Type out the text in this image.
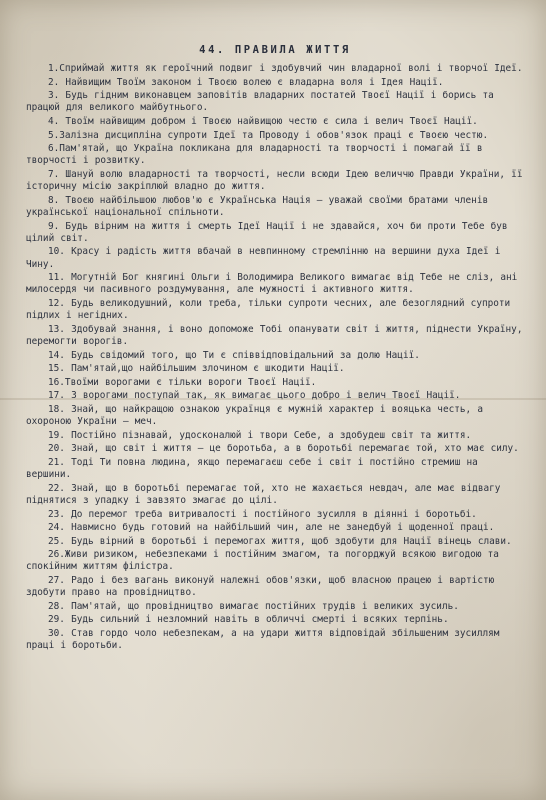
44. ПРАВИЛА ЖИТТЯ
1.Сприймай життя як героїчний подвиг і здобувчий чин владарної волі і творчої Ідеї.
2. Найвищим Твоїм законом і Твоєю волею є владарна воля і Ідея Нації.
3. Будь гідним виконавцем заповітів владарних постатей Твоєї Нації і борись та працюй для великого майбутнього.
4. Твоїм найвищим добром і Твоєю найвищою честю є сила і велич Твоєї Нації.
5.Залізна дисципліна супроти Ідеї та Проводу і обов'язок праці є Твоєю честю.
6.Пам'ятай, що Україна покликана для владарності та творчості і помагай її в творчості і розвитку.
7. Шануй волю владарності та творчості, несли всюди Ідею величчю Правди України, її історичну місію закріплюй владно до життя.
8. Твоєю найбільшою любов'ю є Українська Нація — уважай своїми братами членів української національної спільноти.
9. Будь вірним на життя і смерть Ідеї Нації і не здавайся, хоч би проти Тебе був цілий світ.
10. Красу і радість життя вбачай в невпинному стремлінню на вершини духа Ідеї і Чину.
11. Могутній Бог княгині Ольги і Володимира Великого вимагає від Тебе не сліз, ані милосердя чи пасивного роздумування, але мужності і активного життя.
12. Будь великодушний, коли треба, тільки супроти чесних, але безоглядний супроти підлих і негідних.
13. Здобувай знання, і воно допоможе Тобі опанувати світ і життя, піднести Україну, перемогти ворогів.
14. Будь свідомий того, що Ти є співвідповідальний за долю Нації.
15. Пам'ятай,що найбільшим злочином є шкодити Нації.
16.Твоїми ворогами є тільки вороги Твоєї Нації.
17. З ворогами поступай так, як вимагає цього добро і велич Твоєї Нації.
18. Знай, що найкращою ознакою українця є мужній характер і вояцька честь, а охороною України — меч.
19. Постійно пізнавай, удосконалюй і твори Себе, а здобудеш світ та життя.
20. Знай, що світ і життя — це боротьба, а в боротьбі перемагає той, хто має силу.
21. Тоді Ти повна людина, якщо перемагаєш себе і світ і постійно стремиш на вершини.
22. Знай, що в боротьбі перемагає той, хто не жахається невдач, але має відвагу піднятися з упадку і завзято змагає до цілі.
23. До перемог треба витривалості і постійного зусилля в діянні і боротьбі.
24. Навмисно будь готовий на найбільший чин, але не занедбуй і щоденної праці.
25. Будь вірний в боротьбі і перемогах життя, щоб здобути для Нації вінець слави.
26.Живи ризиком, небезпеками і постійним змагом, та погорджуй всякою вигодою та спокійним життям філістра.
27. Радо і без вагань виконуй належні обов'язки, щоб власною працею і вартістю здобути право на провідництво.
28. Пам'ятай, що провідництво вимагає постійних трудів і великих зусиль.
29. Будь сильний і незломний навіть в обличчі смерті і всяких терпінь.
30. Став гордо чоло небезпекам, а на удари життя відповідай збільшеним зусиллям праці і боротьби.
